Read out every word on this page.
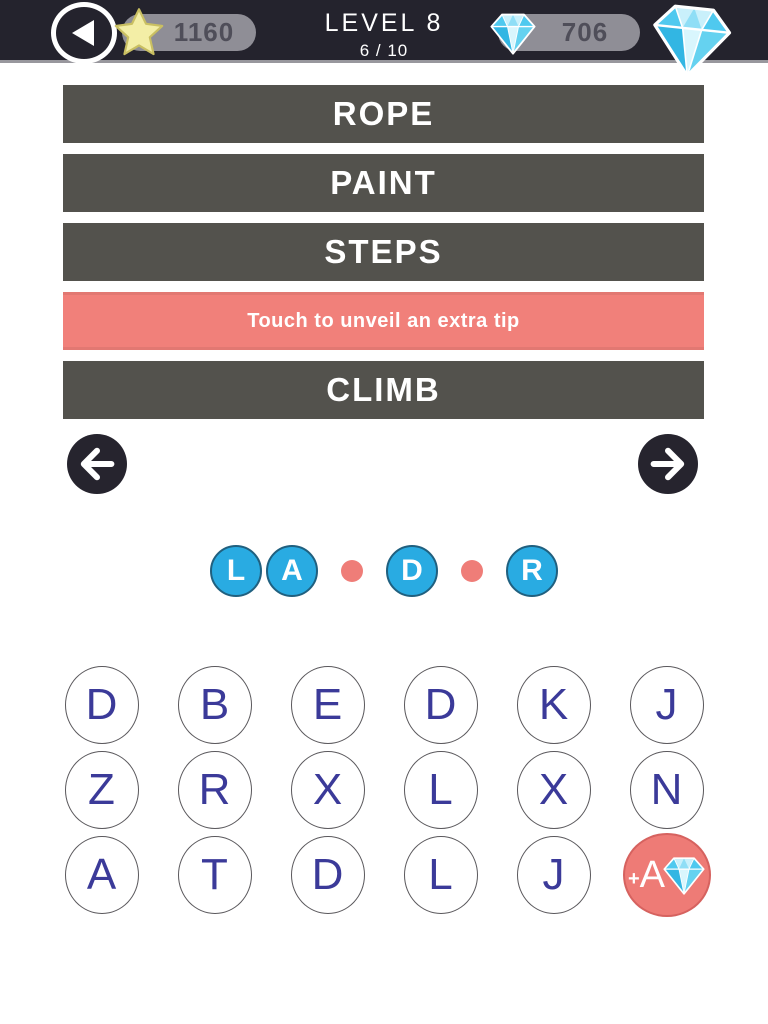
1160	LEVEL 8
6 / 10
706
ROPE
PAINT
STEPS
Touch to unveil an extra tip
CLIMB
L A	D	R
D B E D K J
Z R X L X N
A T D L J	+ A
